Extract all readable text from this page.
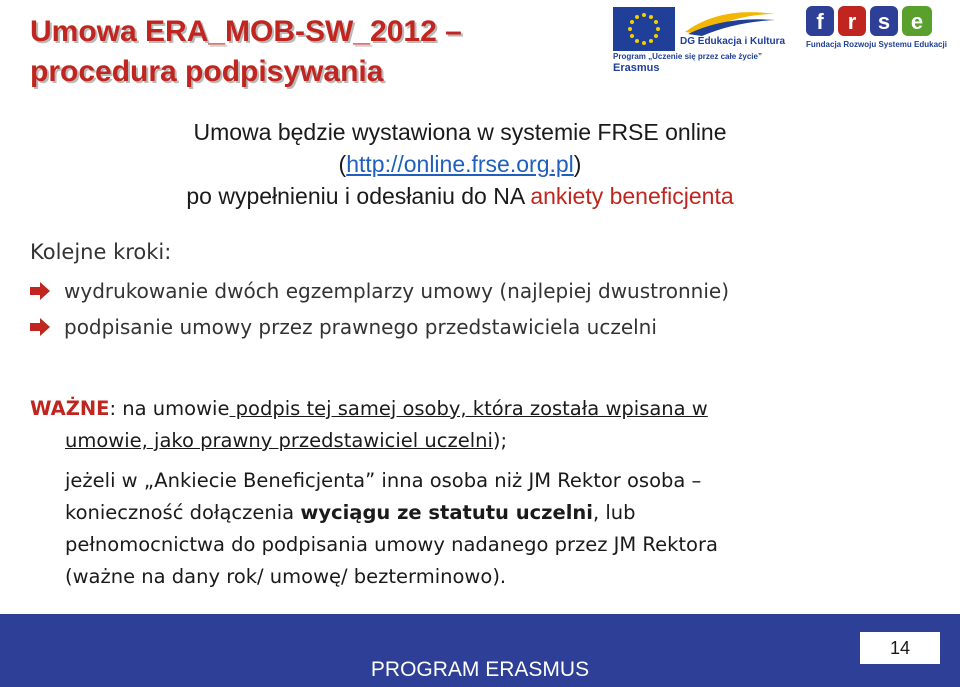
Umowa ERA_MOB-SW_2012 –
procedura podpisywania
DG Edukacja i Kultura
Program „Uczenie się przez całe życie”
Erasmus
f r s e
Fundacja Rozwoju Systemu Edukacji
Umowa będzie wystawiona w systemie FRSE online
(http://online.frse.org.pl)
po wypełnieniu i odesłaniu do NA ankiety beneficjenta
Kolejne kroki:
wydrukowanie dwóch egzemplarzy umowy (najlepiej dwustronnie)
podpisanie umowy przez prawnego przedstawiciela uczelni
WAŻNE: na umowie podpis tej samej osoby, która została wpisana w
umowie, jako prawny przedstawiciel uczelni);
jeżeli w „Ankiecie Beneficjenta” inna osoba niż JM Rektor osoba –
konieczność dołączenia wyciągu ze statutu uczelni, lub
pełnomocnictwa do podpisania umowy nadanego przez JM Rektora
(ważne na dany rok/ umowę/ bezterminowo).
PROGRAM ERASMUS
14
